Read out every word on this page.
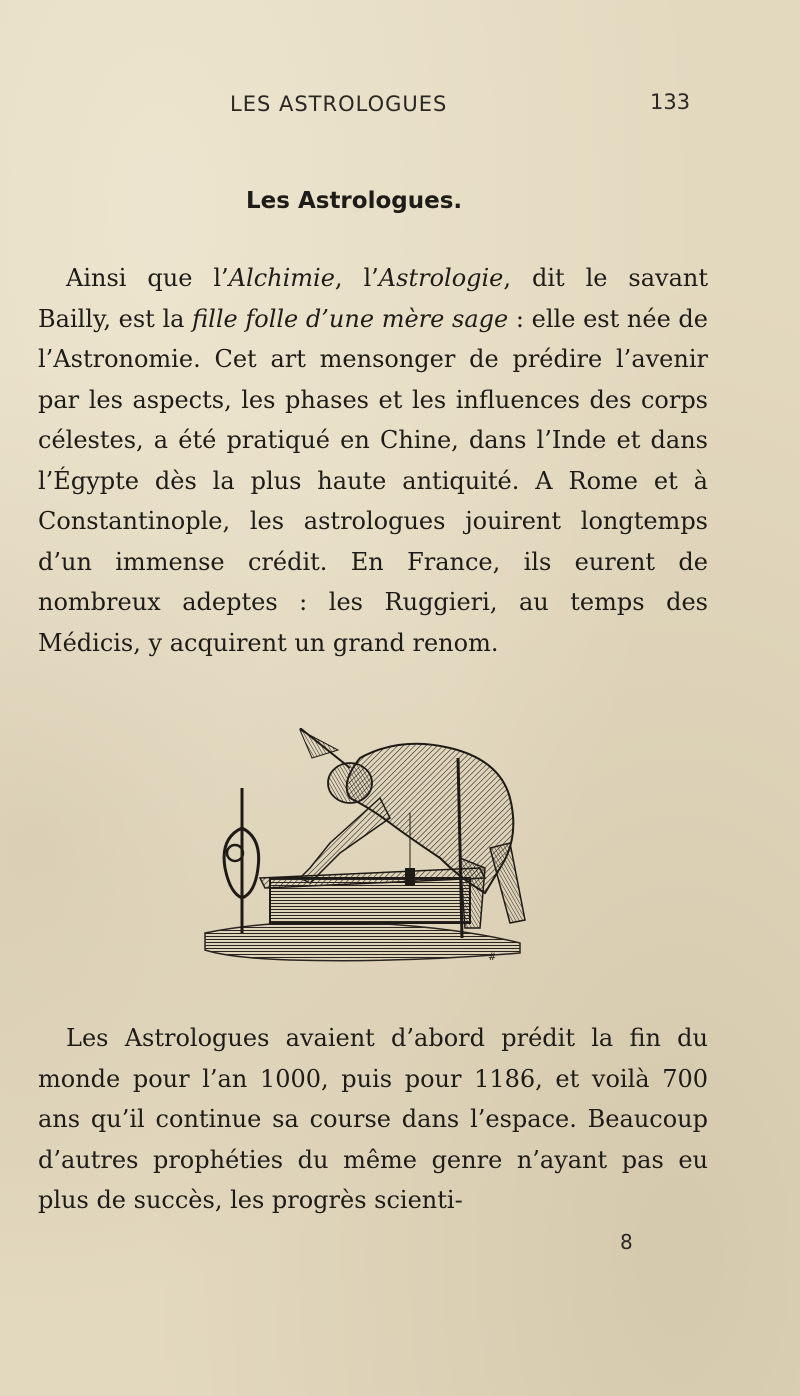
LES ASTROLOGUES	133
Les Astrologues.

Ainsi que l’Alchimie, l’Astrologie, dit le savant Bailly, est la fille folle d’une mère sage : elle est née de l’Astronomie. Cet art mensonger de prédire l’avenir par les aspects, les phases et les influences des corps célestes, a été pratiqué en Chine, dans l’Inde et dans l’Égypte dès la plus haute antiquité. A Rome et à Constantinople, les astrologues jouirent longtemps d’un immense crédit. En France, ils eurent de nombreux adeptes : les Ruggieri, au temps des Médicis, y acquirent un grand renom.

#

Les Astrologues avaient d’abord prédit la fin du monde pour l’an 1000, puis pour 1186, et voilà 700 ans qu’il continue sa course dans l’espace. Beaucoup d’autres prophéties du même genre n’ayant pas eu plus de succès, les progrès scienti-

8
